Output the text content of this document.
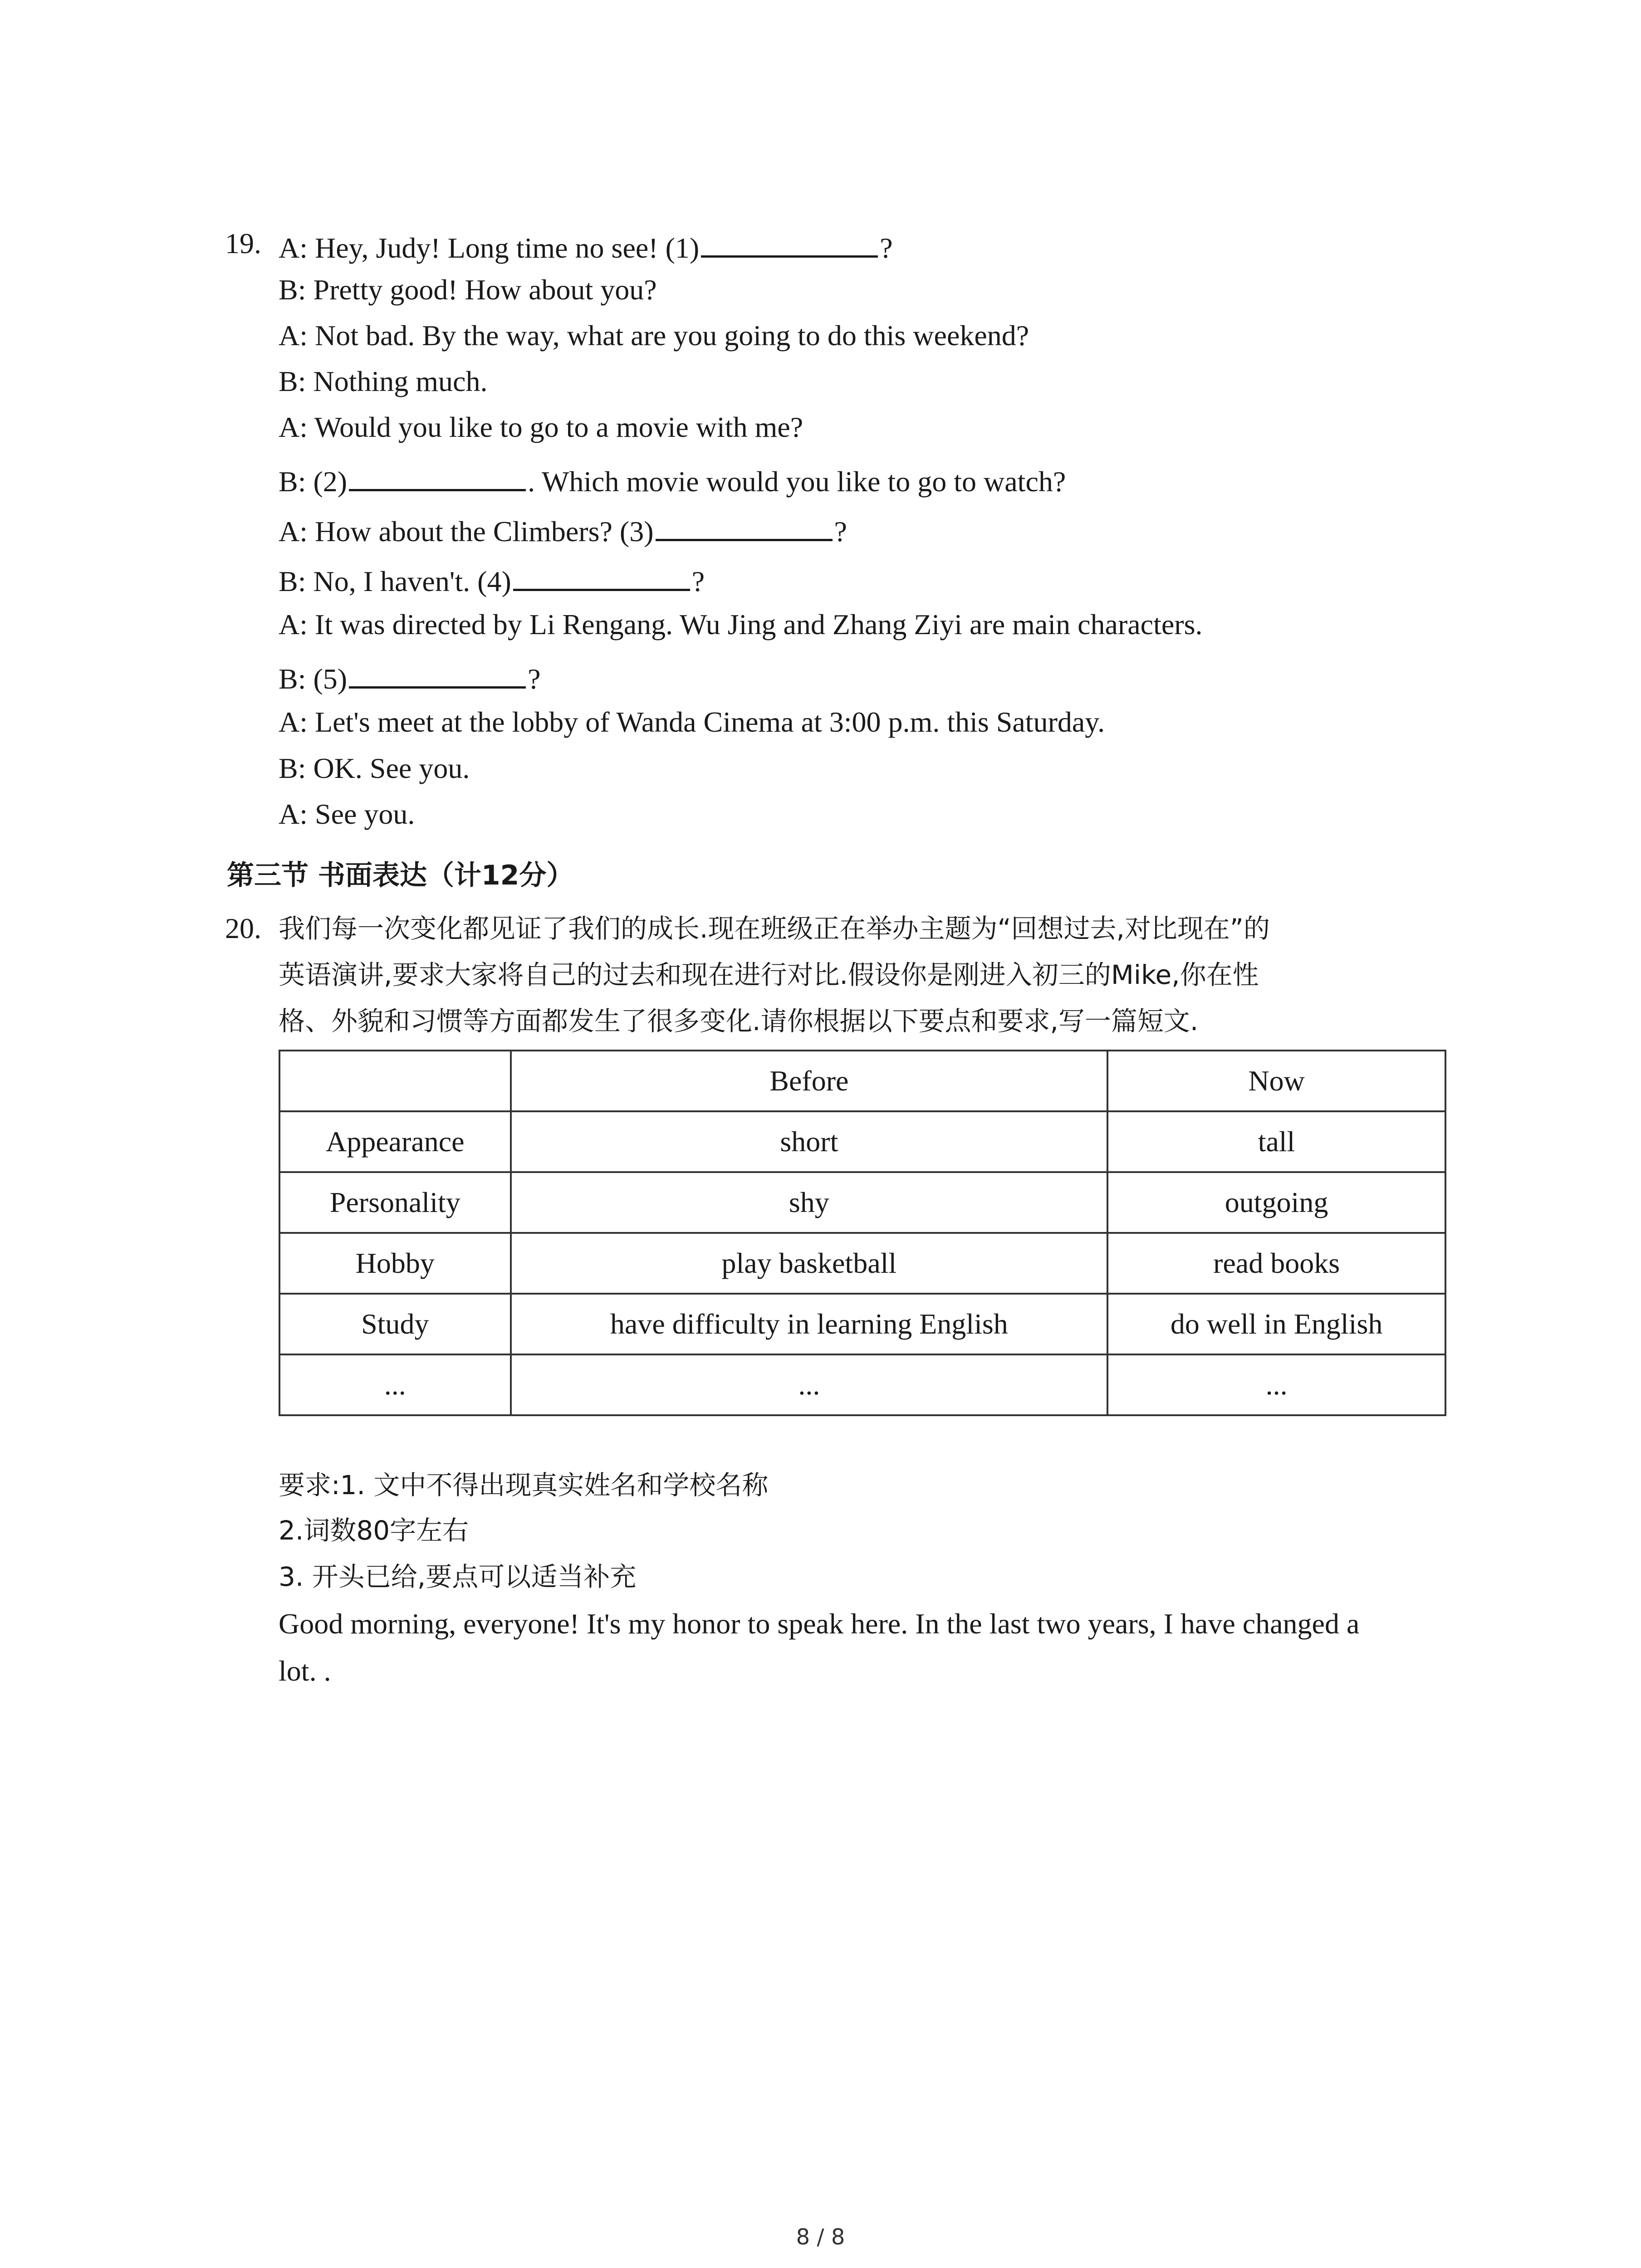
19. A: Hey, Judy! Long time no see! (1)	?
B: Pretty good! How about you?
A: Not bad. By the way, what are you going to do this weekend?
B: Nothing much.
A: Would you like to go to a movie with me?
B: (2)	. Which movie would you like to go to watch?
A: How about the Climbers? (3)	?
B: No, I haven't. (4)	?
A: It was directed by Li Rengang. Wu Jing and Zhang Ziyi are main characters.
B: (5)	?
A: Let's meet at the lobby of Wanda Cinema at 3:00 p.m. this Saturday.
B: OK. See you.
A: See you.
第三节 书面表达（计12分）
20. 我们每一次变化都见证了我们的成长.现在班级正在举办主题为“回想过去,对比现在”的
英语演讲,要求大家将自己的过去和现在进行对比.假设你是刚进入初三的Mike,你在性
格、外貌和习惯等方面都发生了很多变化.请你根据以下要点和要求,写一篇短文.
	Before	Now
Appearance	short	tall
Personality	shy	outgoing
Hobby	play basketball	read books
Study	have difficulty in learning English	do well in English
...	...	...
要求:1. 文中不得出现真实姓名和学校名称
2.词数80字左右
3. 开头已给,要点可以适当补充
Good morning, everyone! It's my honor to speak here. In the last two years, I have changed a
lot. .
8 / 8
